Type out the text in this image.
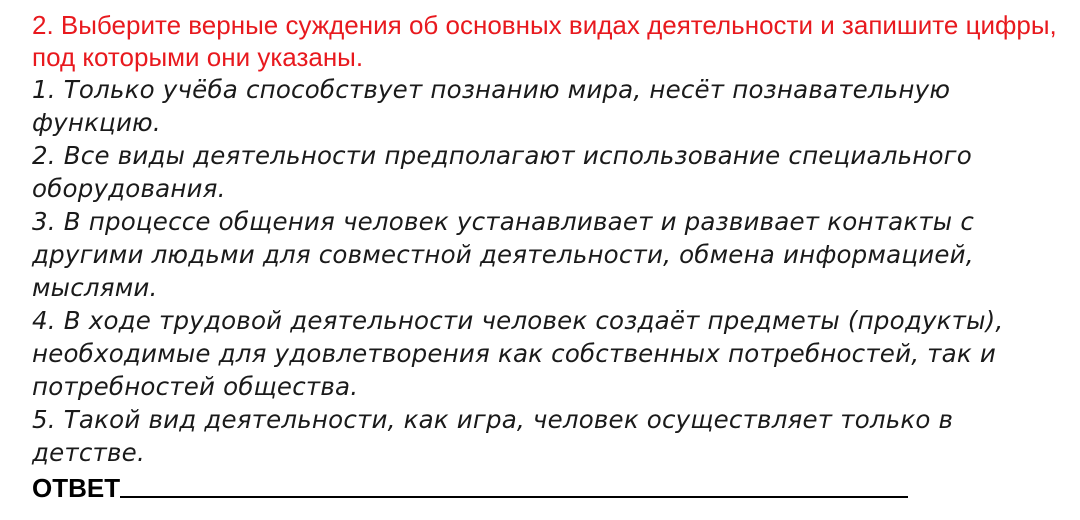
2. Выберите верные суждения об основных видах деятельности и запишите цифры, под которыми они указаны.

1. Только учёба способствует познанию мира, несёт познавательную функцию.
2. Все виды деятельности предполагают использование специального оборудования.
3. В процессе общения человек устанавливает и развивает контакты с другими людьми для совместной деятельности, обмена информацией, мыслями.
4. В ходе трудовой деятельности человек создаёт предметы (продукты), необходимые для удовлетворения как собственных потребностей, так и потребностей общества.
5. Такой вид деятельности, как игра, человек осуществляет только в детстве.
ОТВЕТ
